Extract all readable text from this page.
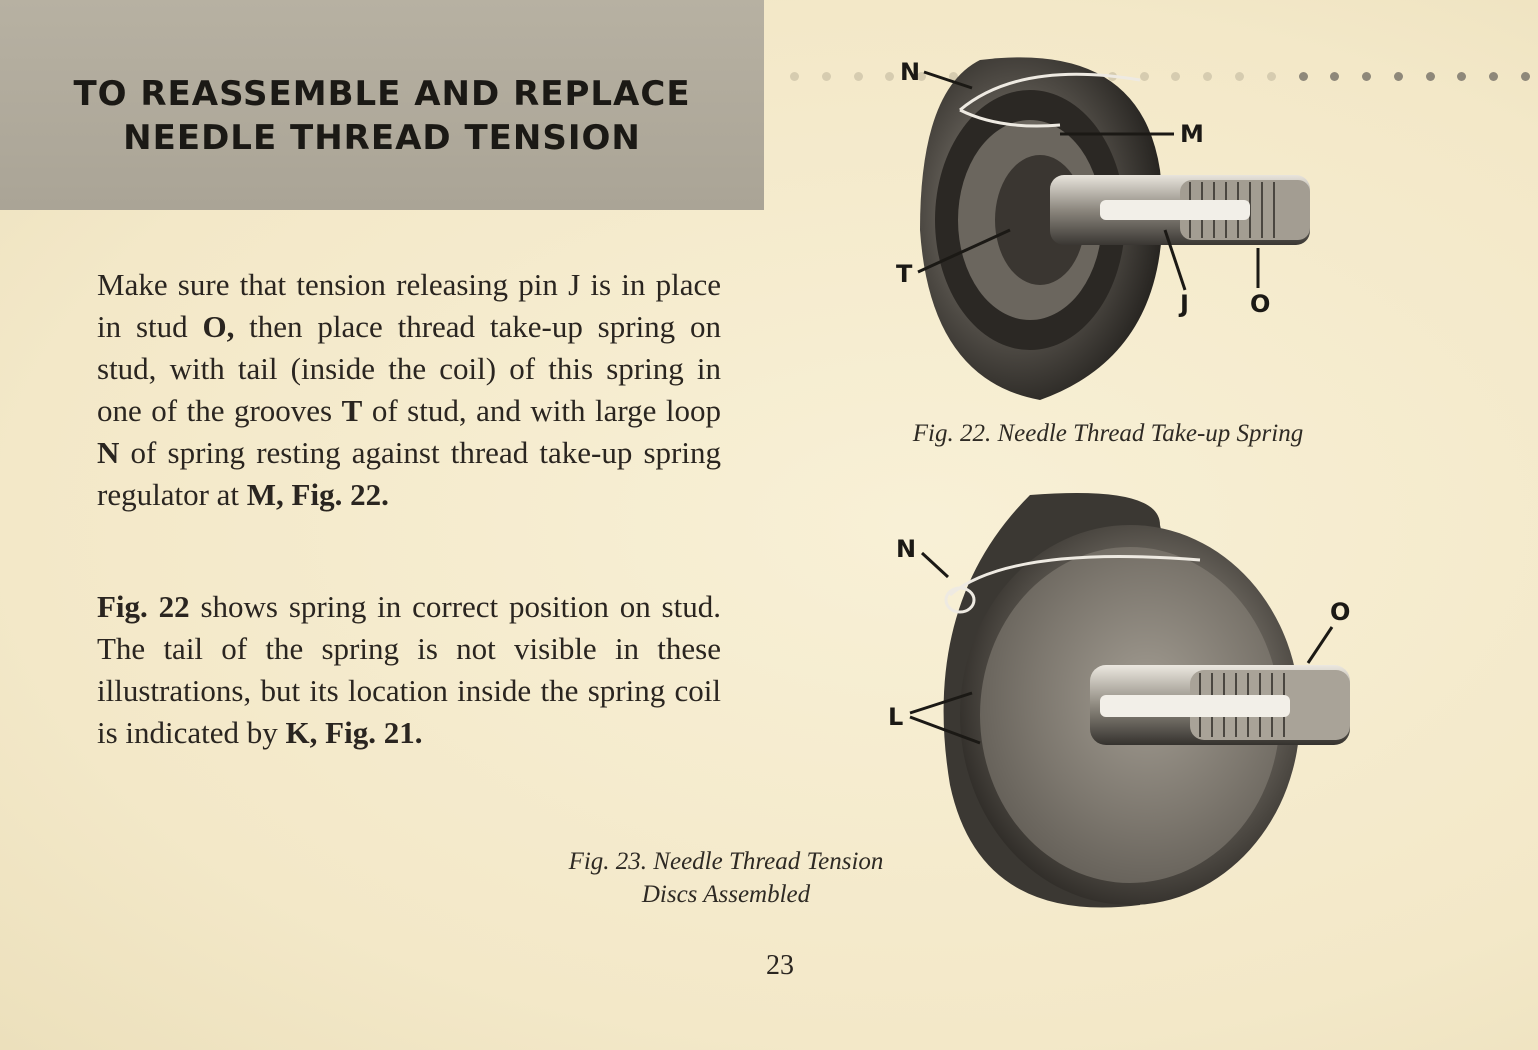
TO REASSEMBLE AND REPLACE
NEEDLE THREAD TENSION
Make sure that tension releasing pin J is in place in stud O, then place thread take-up spring on stud, with tail (inside the coil) of this spring in one of the grooves T of stud, and with large loop N of spring resting against thread take-up spring regulator at M, Fig. 22.
Fig. 22 shows spring in correct position on stud. The tail of the spring is not visible in these illustrations, but its location inside the spring coil is indicated by K, Fig. 21.
N
M
T
J	O
Fig. 22. Needle Thread Take-up Spring
N
O
L
Fig. 23. Needle Thread Tension
Discs Assembled
23
